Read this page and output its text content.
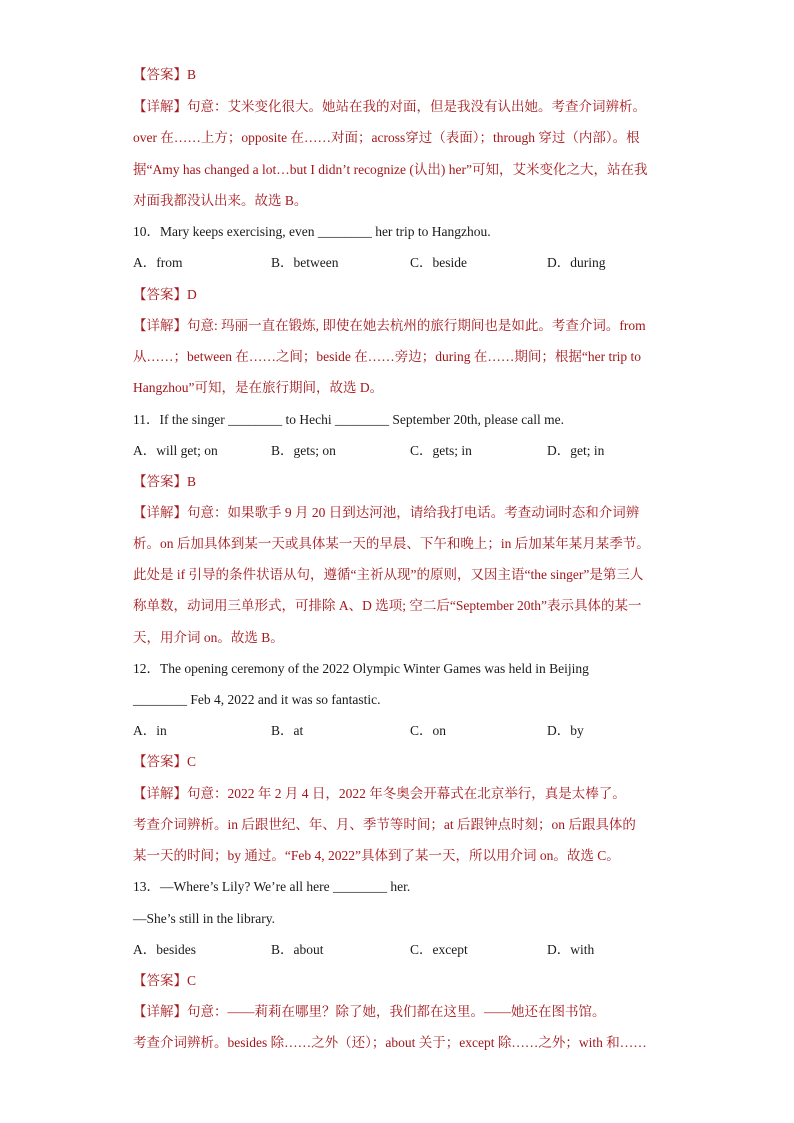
【答案】B
【详解】句意：艾米变化很大。她站在我的对面，但是我没有认出她。考查介词辨析。
over 在……上方；opposite 在……对面；across穿过（表面）；through 穿过（内部）。根
据“Amy has changed a lot…but I didn’t recognize (认出) her”可知，艾米变化之大，站在我
对面我都没认出来。故选 B。
10．Mary keeps exercising, even ________ her trip to Hangzhou.
A．from	B．between	C．beside	D．during
【答案】D
【详解】句意: 玛丽一直在锻炼, 即使在她去杭州的旅行期间也是如此。考查介词。from
从……；between 在……之间；beside 在……旁边；during 在……期间；根据“her trip to
Hangzhou”可知，是在旅行期间，故选 D。
11．If the singer ________ to Hechi ________ September 20th, please call me.
A．will get; on	B．gets; on	C．gets; in	D．get; in
【答案】B
【详解】句意：如果歌手 9 月 20 日到达河池，请给我打电话。考查动词时态和介词辨
析。on 后加具体到某一天或具体某一天的早晨、下午和晚上；in 后加某年某月某季节。
此处是 if 引导的条件状语从句，遵循“主祈从现”的原则，又因主语“the singer”是第三人
称单数，动词用三单形式，可排除 A、D 选项; 空二后“September 20th”表示具体的某一
天，用介词 on。故选 B。
12．The opening ceremony of the 2022 Olympic Winter Games was held in Beijing
________ Feb 4, 2022 and it was so fantastic.
A．in	B．at	C．on	D．by
【答案】C
【详解】句意：2022 年 2 月 4 日，2022 年冬奥会开幕式在北京举行，真是太棒了。
考查介词辨析。in 后跟世纪、年、月、季节等时间；at 后跟钟点时刻；on 后跟具体的
某一天的时间；by 通过。“Feb 4, 2022”具体到了某一天，所以用介词 on。故选 C。
13．—Where’s Lily? We’re all here ________ her.
—She’s still in the library.
A．besides	B．about	C．except	D．with
【答案】C
【详解】句意：——莉莉在哪里？除了她，我们都在这里。——她还在图书馆。
考查介词辨析。besides 除……之外（还）；about 关于；except 除……之外；with 和……
